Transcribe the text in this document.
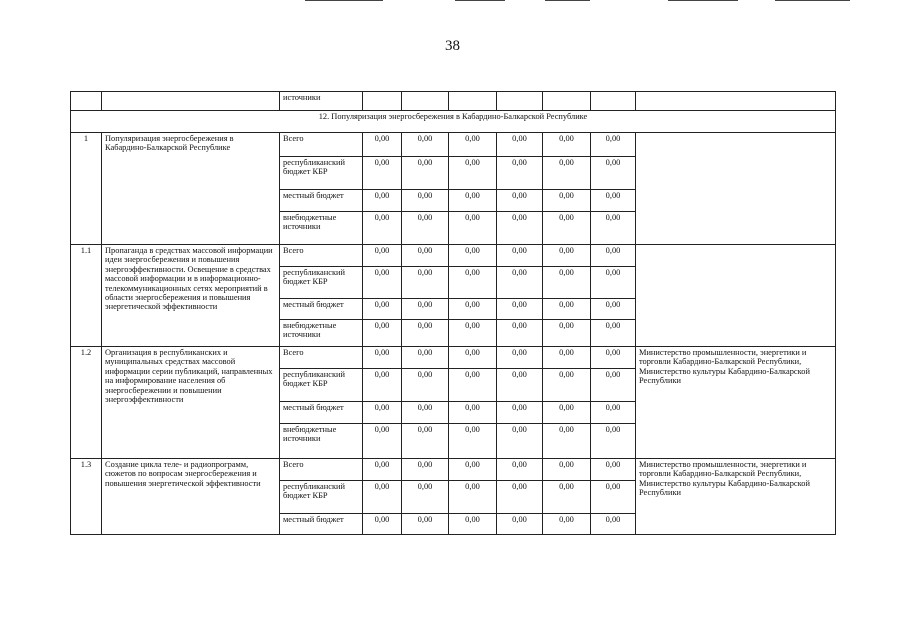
38
		источники							
12. Популяризация энергосбережения в Кабардино-Балкарской Республике									
1	Популяризация энергосбережения в Кабардино-Балкарской Республике	Всего	0,00	0,00	0,00	0,00	0,00	0,00	
		республиканский бюджет КБР	0,00	0,00	0,00	0,00	0,00	0,00	
		местный бюджет	0,00	0,00	0,00	0,00	0,00	0,00	
		внебюджетные источники	0,00	0,00	0,00	0,00	0,00	0,00	
1.1	Пропаганда в средствах массовой информации идеи энергосбережения и повышения энергоэффективности. Освещение в средствах массовой информации и в информационно-телекоммуникационных сетях мероприятий в области энергосбережения и повышения энергетической эффективности	Всего	0,00	0,00	0,00	0,00	0,00	0,00	
		республиканский бюджет КБР	0,00	0,00	0,00	0,00	0,00	0,00	
		местный бюджет	0,00	0,00	0,00	0,00	0,00	0,00	
		внебюджетные источники	0,00	0,00	0,00	0,00	0,00	0,00	
1.2	Организация в республиканских и муниципальных средствах массовой информации серии публикаций, направленных на информирование населения об энергосбережении и повышении энергоэффективности	Всего	0,00	0,00	0,00	0,00	0,00	0,00	Министерство промышленности, энергетики и торговли Кабардино-Балкарской Республики, Министерство культуры Кабардино-Балкарской Республики
		республиканский бюджет КБР	0,00	0,00	0,00	0,00	0,00	0,00	
		местный бюджет	0,00	0,00	0,00	0,00	0,00	0,00	
		внебюджетные источники	0,00	0,00	0,00	0,00	0,00	0,00	
1.3	Создание цикла теле- и радиопрограмм, сюжетов по вопросам энергосбережения и повышения энергетической эффективности	Всего	0,00	0,00	0,00	0,00	0,00	0,00	Министерство промышленности, энергетики и торговли Кабардино-Балкарской Республики, Министерство культуры Кабардино-Балкарской Республики
		республиканский бюджет КБР	0,00	0,00	0,00	0,00	0,00	0,00	
		местный бюджет	0,00	0,00	0,00	0,00	0,00	0,00	
